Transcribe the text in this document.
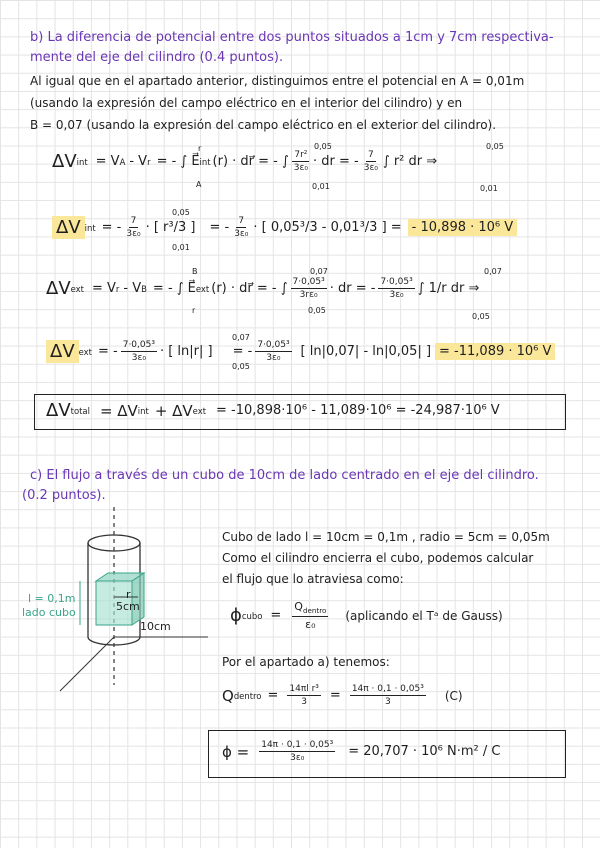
b) La diferencia de potencial entre dos puntos situados a 1cm y 7cm respectiva-
mente del eje del cilindro (0.4 puntos).
Al igual que en el apartado anterior, distinguimos entre el potencial en A = 0,01m
(usando la expresión del campo eléctrico en el interior del cilindro) y en
B = 0,07 (usando la expresión del campo eléctrico en el exterior del cilindro).
ΔV int = V A - V r = - ∫ E⃗ int (r) · dr⃗ = - ∫ $\frac{\text{7r²}}{\text{3ε₀}}$ · dr = - $\frac{7}{\text{3ε₀}}$ ∫ r² dr ⇒
r
A
0,05
0,01
0,05
0,01
ΔV int = - $\frac{7}{\text{3ε₀}}$ · [ r³/3 ] = - $\frac{7}{\text{3ε₀}}$ · [ 0,05³/3 - 0,01³/3 ] = - 10,898 · 10⁶ V
0,05
0,01
ΔV ext = V r - V B = - ∫ E⃗ ext (r) · dr⃗ = - ∫ $\frac{\text{7·0,05³}}{\text{3rε₀}}$ · dr = - $\frac{\text{7·0,05³}}{\text{3ε₀}}$ ∫ 1/r dr ⇒
B
r
0,07
0,05
0,07
0,05
ΔV ext = - $\frac{\text{7·0,05³}}{\text{3ε₀}}$ · [ ln|r| ] = - $\frac{\text{7·0,05³}}{\text{3ε₀}}$ [ ln|0,07| - ln|0,05| ] = -11,089 · 10⁶ V
0,07
0,05
ΔV total = ΔV int + ΔV ext = -10,898·10⁶ - 11,089·10⁶ = -24,987·10⁶ V
c) El flujo a través de un cubo de 10cm de lado centrado en el eje del cilindro.
(0.2 puntos).
l = 0,1m
lado cubo	5cm
r
10cm
Cubo de lado l = 10cm = 0,1m , radio = 5cm = 0,05m
Como el cilindro encierra el cubo, podemos calcular
el flujo que lo atraviesa como:
ϕ cubo = $\frac{Q_{dentro}}{\text{ε₀}}$ (aplicando el Tᵃ de Gauss)
Por el apartado a) tenemos:
Q dentro = $\frac{\text{14πl r³}}{3} = \frac{\text{14π · 0,1 · 0,05³}}{3} (C)$
$\phi = \frac{\text{14π · 0,1 · 0,05³}}{\text{3ε₀}} = 20,707 \cdot 10^6$ N·m² / C
